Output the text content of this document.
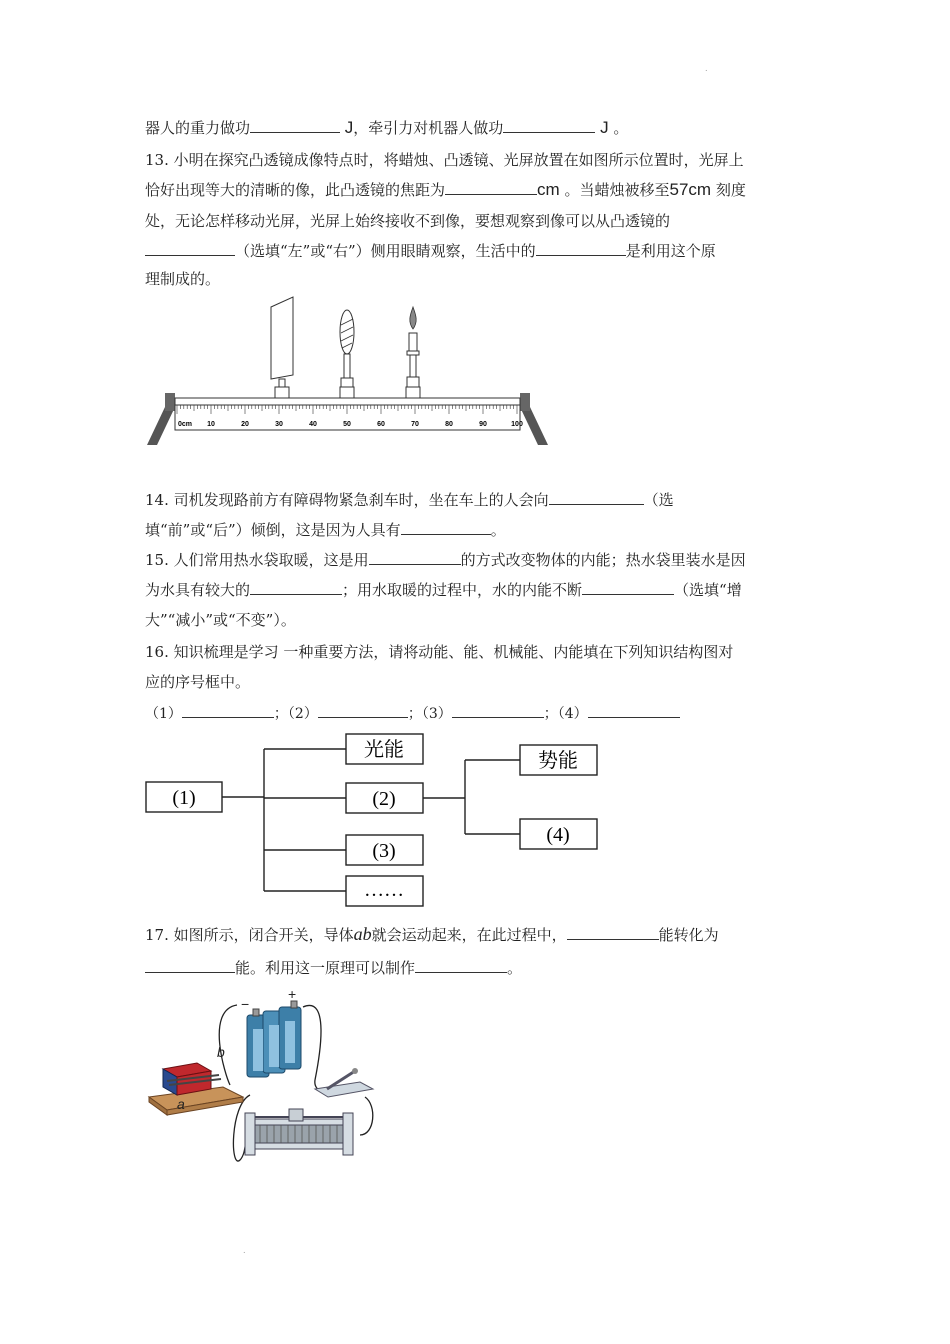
.
器人的重力做功	J，牵引力对机器人做功	J 。
13. 小明在探究凸透镜成像特点时，将蜡烛、凸透镜、光屏放置在如图所示位置时，光屏上
恰好出现等大的清晰的像，此凸透镜的焦距为	cm 。当蜡烛被移至57cm 刻度
处，无论怎样移动光屏，光屏上始终接收不到像，要想观察到像可以从凸透镜的
（选填“左”或“右”）侧用眼睛观察，生活中的	是利用这个原
理制成的。
0cm 10	20	30	40	50	60	70	80	90	100
14. 司机发现路前方有障碍物紧急刹车时，坐在车上的人会向	（选
填“前”或“后”）倾倒，这是因为人具有	。
15. 人们常用热水袋取暖，这是用	的方式改变物体的内能；热水袋里装水是因
为水具有较大的	；用水取暖的过程中，水的内能不断	（选填“增
大”“减小”或“不变”）。
16. 知识梳理是学习 一种重要方法，请将动能、能、机械能、内能填在下列知识结构图对
应的序号框中。
（1）	；（2）	；（3）	；（4）
(1)
光能
(2)
(3)
……
势能
(4)
17. 如图所示，闭合开关，导体ab就会运动起来，在此过程中，	能转化为
能。利用这一原理可以制作	。
−
+
b
a
.
